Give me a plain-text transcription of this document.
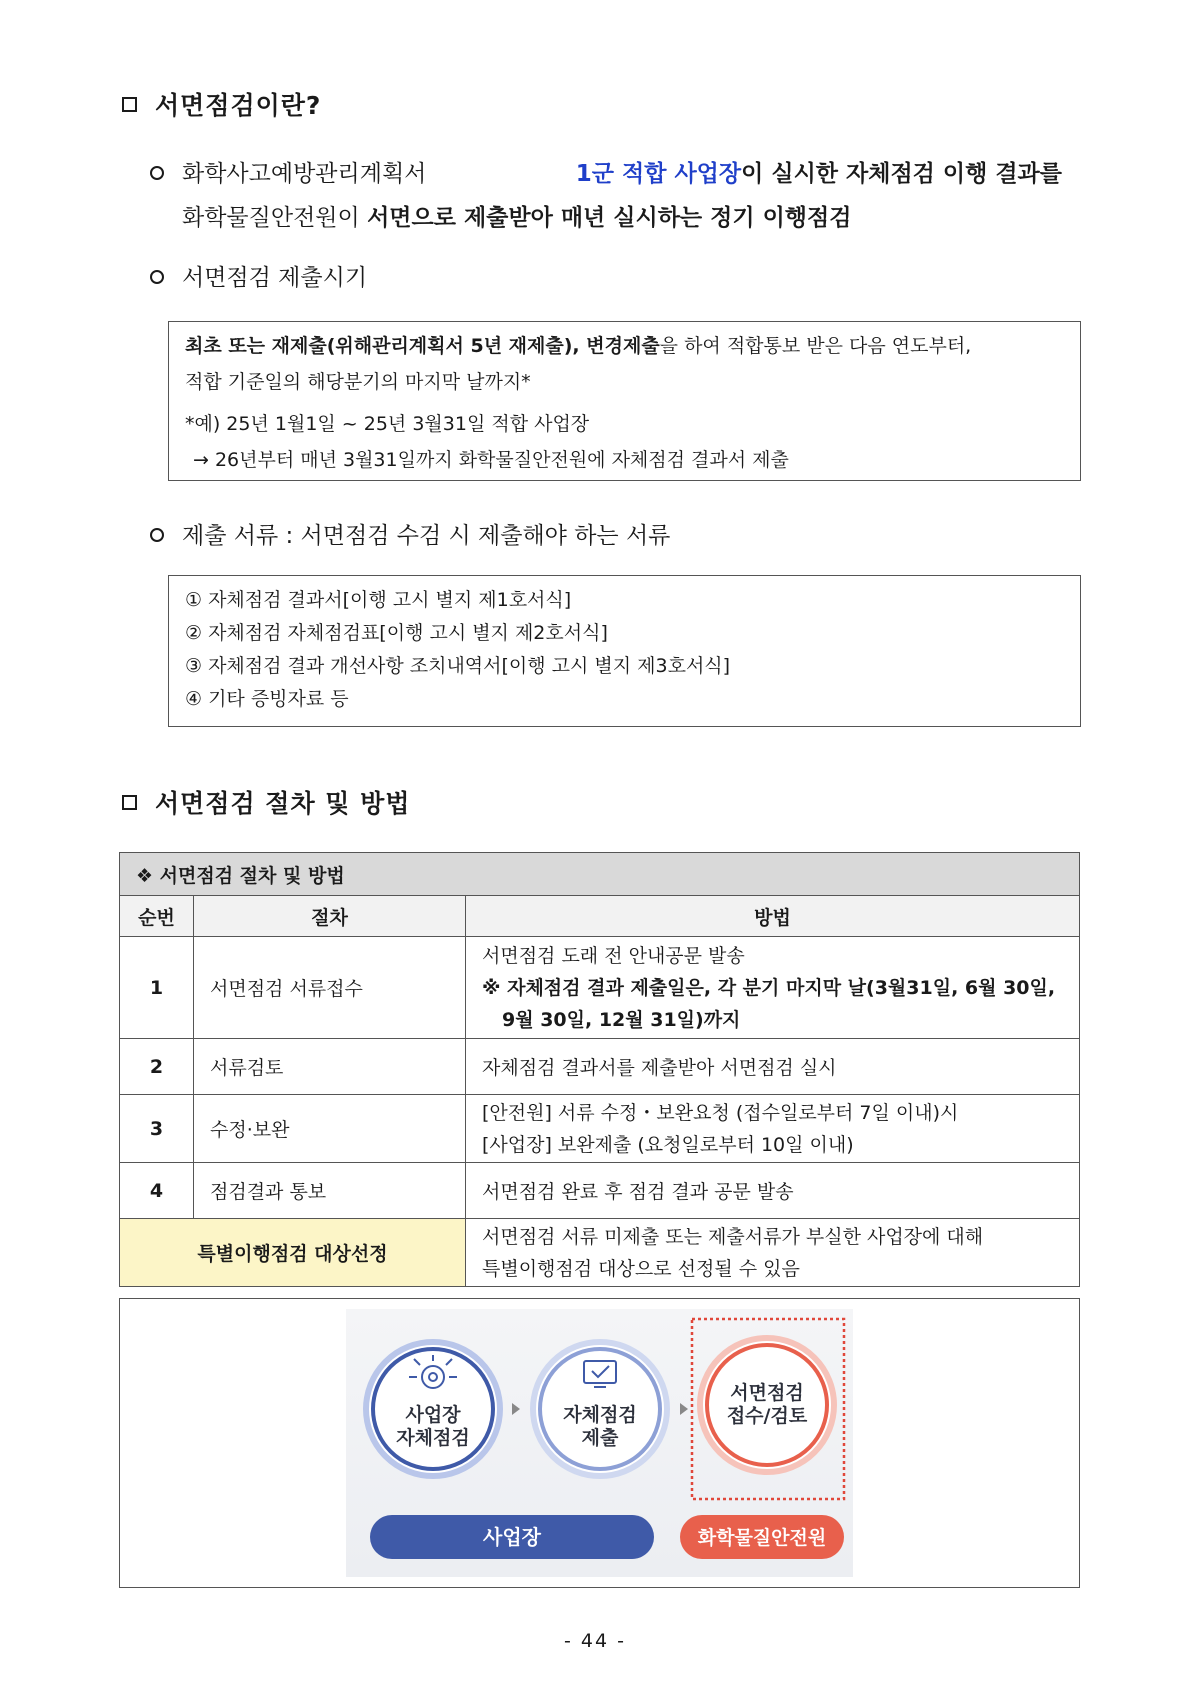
서면점검이란?
화학사고예방관리계획서	1군 적합 사업장이 실시한 자체점검 이행 결과를
화학물질안전원이 서면으로 제출받아 매년 실시하는 정기 이행점검
서면점검 제출시기
최초 또는 재제출(위해관리계획서 5년 재제출), 변경제출을 하여 적합통보 받은 다음 연도부터,
적합 기준일의 해당분기의 마지막 날까지*
*예) 25년 1월1일 ~ 25년 3월31일 적합 사업장
→ 26년부터 매년 3월31일까지 화학물질안전원에 자체점검 결과서 제출
제출 서류 : 서면점검 수검 시 제출해야 하는 서류
① 자체점검 결과서[이행 고시 별지 제1호서식]
② 자체점검 자체점검표[이행 고시 별지 제2호서식]
③ 자체점검 결과 개선사항 조치내역서[이행 고시 별지 제3호서식]
④ 기타 증빙자료 등
서면점검 절차 및 방법
❖ 서면점검 절차 및 방법		
순번	절차	방법
1	서면점검 서류접수	서면점검 도래 전 안내공문 발송
※ 자체점검 결과 제출일은, 각 분기 마지막 날(3월31일, 6월 30일,
9월 30일, 12월 31일)까지

2	서류검토	자체점검 결과서를 제출받아 서면점검 실시
3	수정·보완	[안전원] 서류 수정・보완요청 (접수일로부터 7일 이내)시
[사업장] 보완제출 (요청일로부터 10일 이내)

4	점검결과 통보	서면점검 완료 후 점검 결과 공문 발송
특별이행점검 대상선정		서면점검 서류 미제출 또는 제출서류가 부실한 사업장에 대해
특별이행점검 대상으로 선정될 수 있음
사업장
자체점검
자체점검
제출
서면점검
접수/검토
사업장	화학물질안전원
- 44 -
